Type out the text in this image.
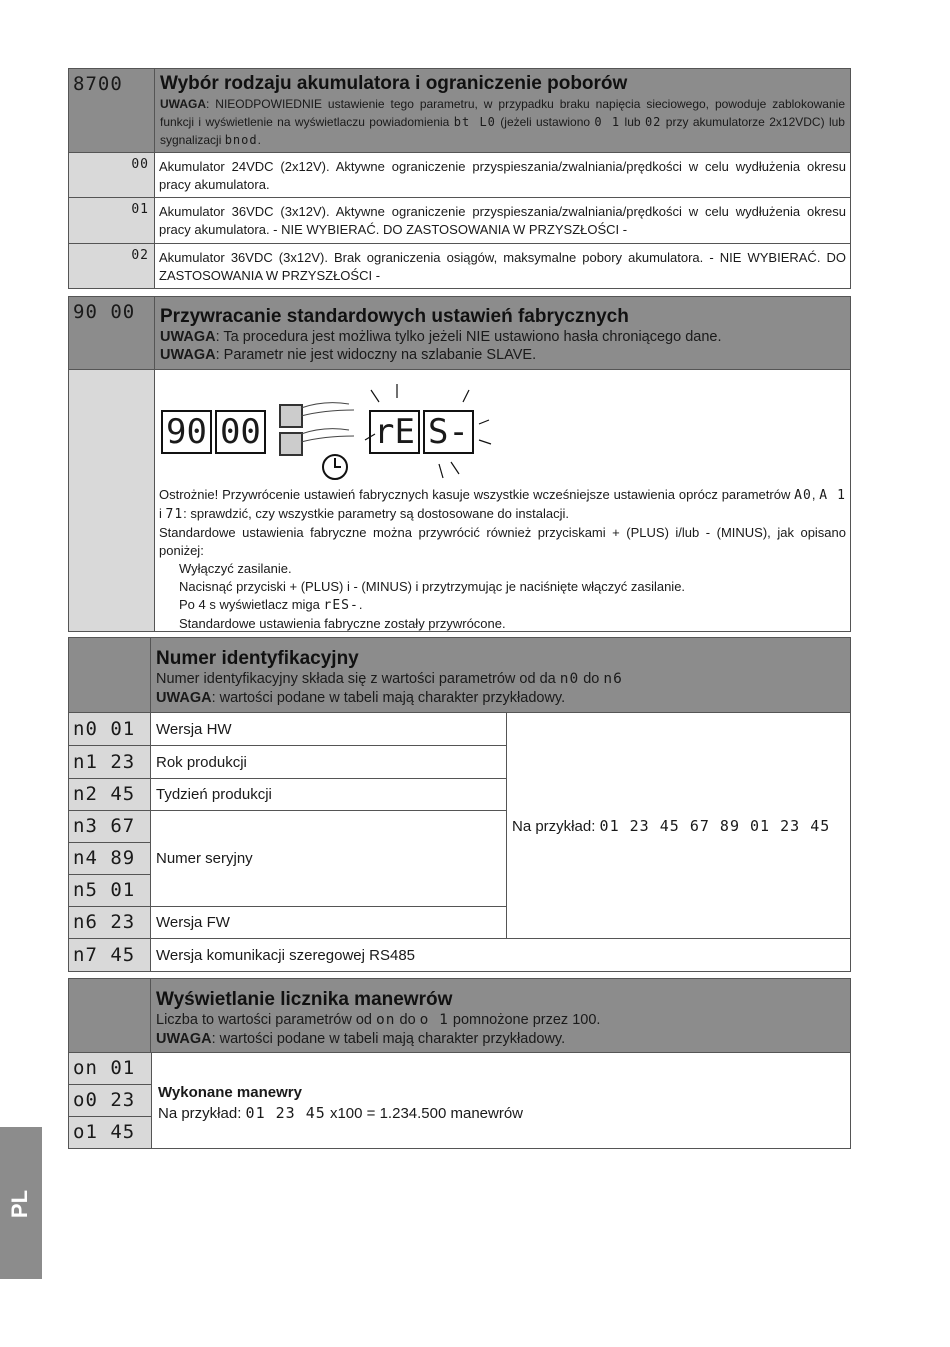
8700	Wybór rodzaju akumulatora i ograniczenie poborów
UWAGA: NIEODPOWIEDNIE ustawienie tego parametru, w przypadku braku napięcia sieciowego, powoduje zablokowanie funkcji i wyświetlenie na wyświetlaczu powiadomienia bt L0 (jeżeli ustawiono 0 1 lub 02 przy akumulatorze 2x12VDC) lub sygnalizacji bnod.
00 Akumulator 24VDC (2x12V). Aktywne ograniczenie przyspieszania/zwalniania/prędkości w celu wydłużenia okresu pracy akumulatora.
01 Akumulator 36VDC (3x12V). Aktywne ograniczenie przyspieszania/zwalniania/prędkości w celu wydłużenia okresu pracy akumulatora. - NIE WYBIERAĆ. DO ZASTOSOWANIA W PRZYSZŁOŚCI -
02 Akumulator 36VDC (3x12V). Brak ograniczenia osiągów, maksymalne pobory akumulatora. - NIE WYBIERAĆ. DO ZASTOSOWANIA W PRZYSZŁOŚCI -
90 00	Przywracanie standardowych ustawień fabrycznych
UWAGA: Ta procedura jest możliwa tylko jeżeli NIE ustawiono hasła chroniącego dane.
UWAGA: Parametr nie jest widoczny na szlabanie SLAVE.
90 00	rE S-
Ostrożnie! Przywrócenie ustawień fabrycznych kasuje wszystkie wcześniejsze ustawienia oprócz parametrów A0, A 1 i 71: sprawdzić, czy wszystkie parametry są dostosowane do instalacji.
Standardowe ustawienia fabryczne można przywrócić również przyciskami + (PLUS) i/lub - (MINUS), jak opisano poniżej:
Wyłączyć zasilanie.
Nacisnąć przyciski + (PLUS) i - (MINUS) i przytrzymując je naciśnięte włączyć zasilanie.
Po 4 s wyświetlacz miga rES-.
Standardowe ustawienia fabryczne zostały przywrócone.
Numer identyfikacyjny
Numer identyfikacyjny składa się z wartości parametrów od da n0 do n6
UWAGA: wartości podane w tabeli mają charakter przykładowy.
n0 01	Wersja HW	Na przykład: 01 23 45 67 89 01 23 45
n1 23	Rok produkcji	
n2 45	Tydzień produkcji	
n3 67	Numer seryjny	
n4 89		
n5 01		
n6 23	Wersja FW	
n7 45	Wersja komunikacji szeregowej RS485	
Wyświetlanie licznika manewrów
Liczba to wartości parametrów od on do o 1 pomnożone przez 100.
UWAGA: wartości podane w tabeli mają charakter przykładowy.
on 01
o0 23
o1 45
Wykonane manewry
Na przykład: 01 23 45 x100 = 1.234.500 manewrów
PL
